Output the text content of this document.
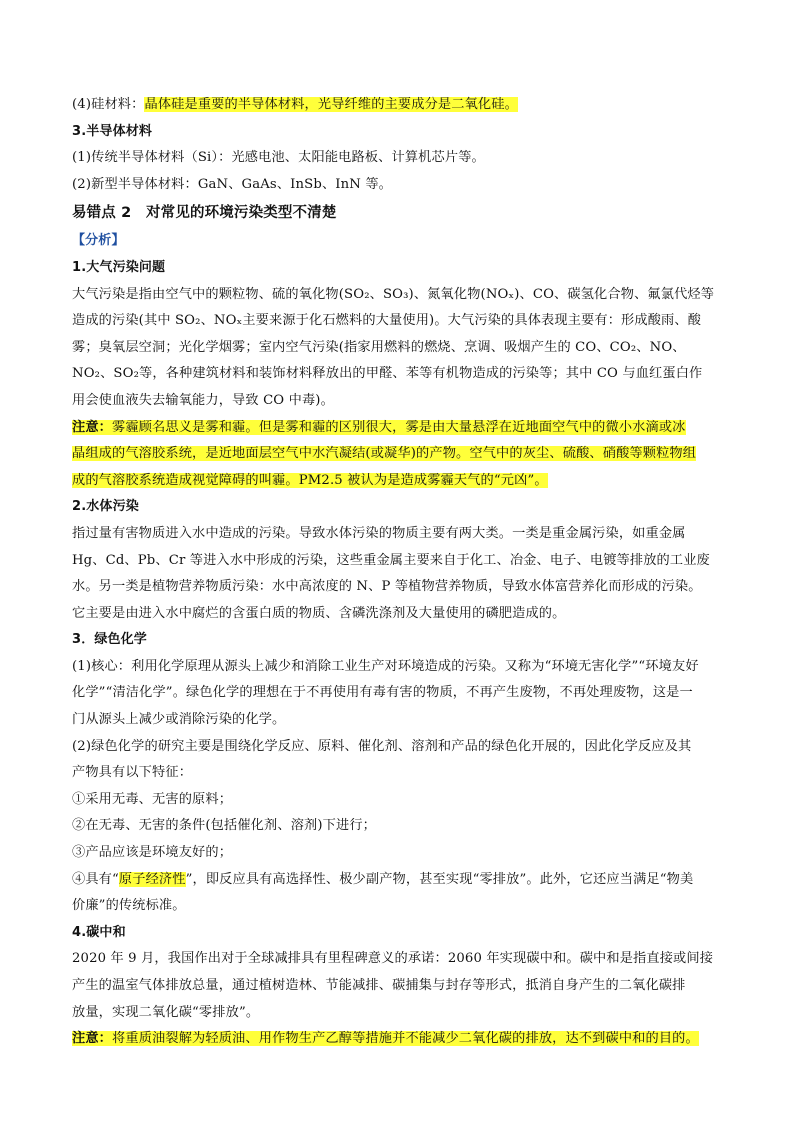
(4)硅材料：晶体硅是重要的半导体材料，光导纤维的主要成分是二氧化硅。
3.半导体材料
(1)传统半导体材料（Si）：光感电池、太阳能电路板、计算机芯片等。
(2)新型半导体材料：GaN、GaAs、InSb、InN 等。
易错点 2　对常见的环境污染类型不清楚
【分析】
1.大气污染问题
大气污染是指由空气中的颗粒物、硫的氧化物(SO₂、SO₃)、氮氧化物(NOₓ)、CO、碳氢化合物、氟氯代烃等
造成的污染(其中 SO₂、NOₓ主要来源于化石燃料的大量使用)。大气污染的具体表现主要有：形成酸雨、酸
雾；臭氧层空洞；光化学烟雾；室内空气污染(指家用燃料的燃烧、烹调、吸烟产生的 CO、CO₂、NO、
NO₂、SO₂等，各种建筑材料和装饰材料释放出的甲醛、苯等有机物造成的污染等；其中 CO 与血红蛋白作
用会使血液失去输氧能力，导致 CO 中毒)。
注意：雾霾顾名思义是雾和霾。但是雾和霾的区别很大，雾是由大量悬浮在近地面空气中的微小水滴或冰
晶组成的气溶胶系统，是近地面层空气中水汽凝结(或凝华)的产物。空气中的灰尘、硫酸、硝酸等颗粒物组
成的气溶胶系统造成视觉障碍的叫霾。PM2.5 被认为是造成雾霾天气的“元凶”。
2.水体污染
指过量有害物质进入水中造成的污染。导致水体污染的物质主要有两大类。一类是重金属污染，如重金属
Hg、Cd、Pb、Cr 等进入水中形成的污染，这些重金属主要来自于化工、冶金、电子、电镀等排放的工业废
水。另一类是植物营养物质污染：水中高浓度的 N、P 等植物营养物质，导致水体富营养化而形成的污染。
它主要是由进入水中腐烂的含蛋白质的物质、含磷洗涤剂及大量使用的磷肥造成的。
3．绿色化学
(1)核心：利用化学原理从源头上减少和消除工业生产对环境造成的污染。又称为“环境无害化学”“环境友好
化学”“清洁化学”。绿色化学的理想在于不再使用有毒有害的物质，不再产生废物，不再处理废物，这是一
门从源头上减少或消除污染的化学。
(2)绿色化学的研究主要是围绕化学反应、原料、催化剂、溶剂和产品的绿色化开展的，因此化学反应及其
产物具有以下特征：
①采用无毒、无害的原料；
②在无毒、无害的条件(包括催化剂、溶剂)下进行；
③产品应该是环境友好的；
④具有“原子经济性”，即反应具有高选择性、极少副产物，甚至实现“零排放”。此外，它还应当满足“物美
价廉”的传统标准。
4.碳中和
2020 年 9 月，我国作出对于全球减排具有里程碑意义的承诺：2060 年实现碳中和。碳中和是指直接或间接
产生的温室气体排放总量，通过植树造林、节能减排、碳捕集与封存等形式，抵消自身产生的二氧化碳排
放量，实现二氧化碳“零排放”。
注意：将重质油裂解为轻质油、用作物生产乙醇等措施并不能减少二氧化碳的排放，达不到碳中和的目的。
